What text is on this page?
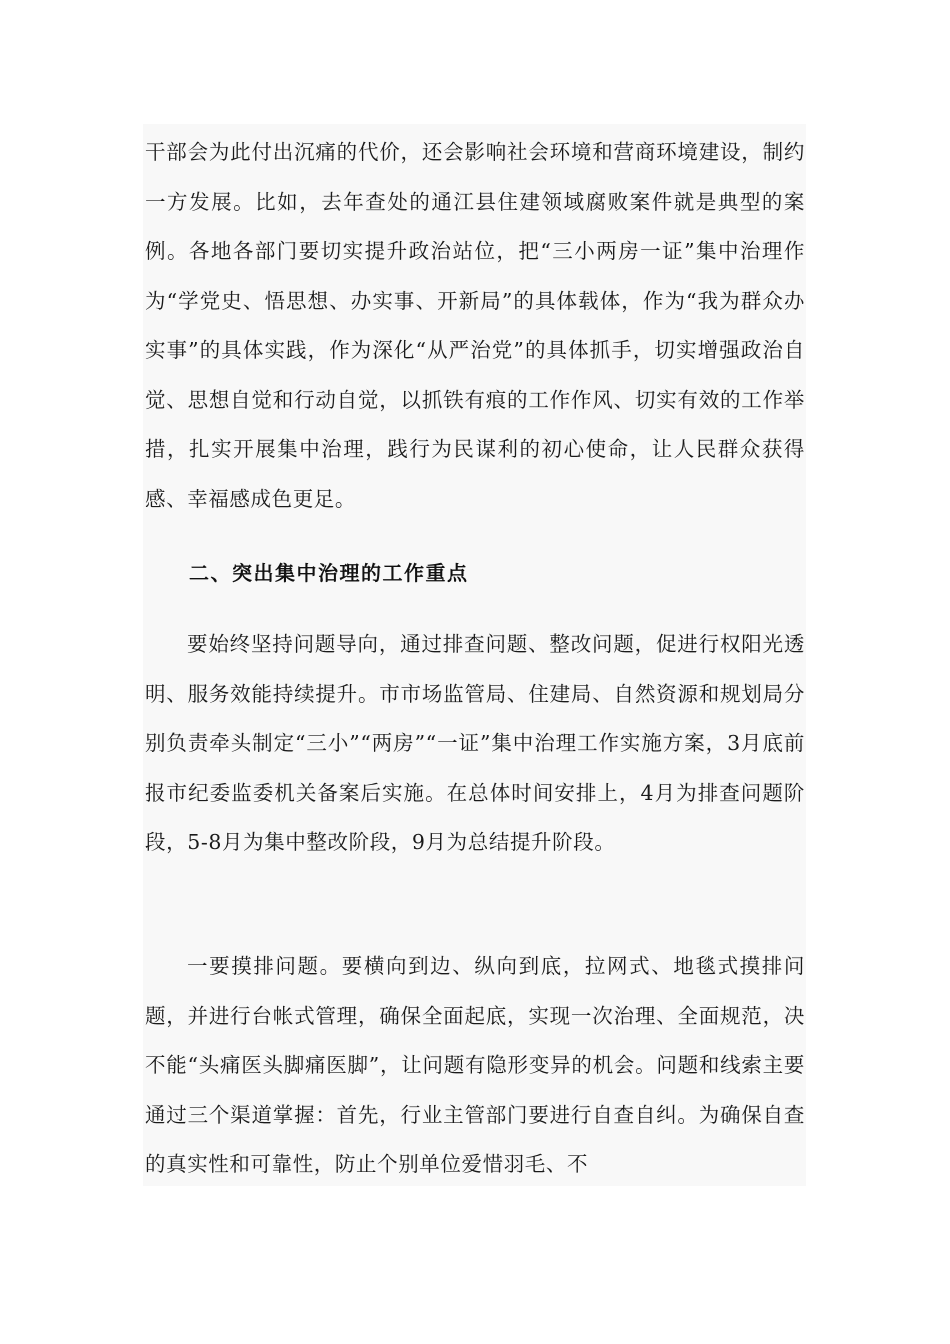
干部会为此付出沉痛的代价，还会影响社会环境和营商环境建设，制约一方发展。比如，去年查处的通江县住建领域腐败案件就是典型的案例。各地各部门要切实提升政治站位，把“三小两房一证”集中治理作为“学党史、悟思想、办实事、开新局”的具体载体，作为“我为群众办实事”的具体实践，作为深化“从严治党”的具体抓手，切实增强政治自觉、思想自觉和行动自觉，以抓铁有痕的工作作风、切实有效的工作举措，扎实开展集中治理，践行为民谋利的初心使命，让人民群众获得感、幸福感成色更足。

二、突出集中治理的工作重点

要始终坚持问题导向，通过排查问题、整改问题，促进行权阳光透明、服务效能持续提升。市市场监管局、住建局、自然资源和规划局分别负责牵头制定“三小”“两房”“一证”集中治理工作实施方案，3月底前报市纪委监委机关备案后实施。在总体时间安排上，4月为排查问题阶段，5-8月为集中整改阶段，9月为总结提升阶段。

一要摸排问题。要横向到边、纵向到底，拉网式、地毯式摸排问题，并进行台帐式管理，确保全面起底，实现一次治理、全面规范，决不能“头痛医头脚痛医脚”，让问题有隐形变异的机会。问题和线索主要通过三个渠道掌握：首先，行业主管部门要进行自查自纠。为确保自查的真实性和可靠性，防止个别单位爱惜羽毛、不
